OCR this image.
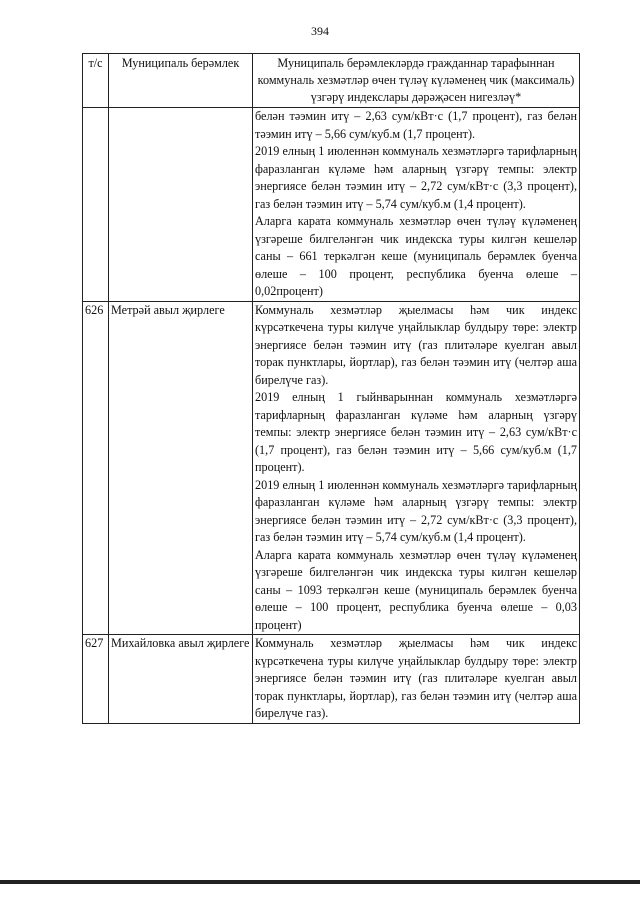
394
т/с	Муниципаль берәмлек	Муниципаль берәмлекләрдә гражданнар тарафыннан коммуналь хезмәтләр өчен түләү күләменең чик (максималь) үзгәрү индекслары дәрәҗәсен нигезләү*

		белән тәэмин итү – 2,63 сум/кВт·с (1,7 процент), газ белән тәэмин итү – 5,66 сум/куб.м (1,7 процент).

2019 елның 1 июленнән коммуналь хезмәтләргә тарифларның фаразланган күләме һәм аларның үзгәрү темпы: электр энергиясе белән тәэмин итү – 2,72 сум/кВт·с (3,3 процент), газ белән тәэмин итү – 5,74 сум/куб.м (1,4 процент).

Аларга карата коммуналь хезмәтләр өчен түләү күләменең үзгәреше билгеләнгән чик индекска туры килгән кешеләр саны – 661 теркәлгән кеше (муниципаль берәмлек буенча өлеше – 100 процент, республика буенча өлеше – 0,02процент)

626	Метрәй авыл җирлеге	Коммуналь хезмәтләр җыелмасы һәм чик индекс күрсәткечена туры килүче уңайлыклар булдыру төре: электр энергиясе белән тәэмин итү (газ плитәләре куелган авыл торак пунктлары, йортлар), газ белән тәэмин итү (челтәр аша бирелүче газ).

2019 елның 1 гыйнварыннан коммуналь хезмәтләргә тарифларның фаразланган күләме һәм аларның үзгәрү темпы: электр энергиясе белән тәэмин итү – 2,63 сум/кВт·с (1,7 процент), газ белән тәэмин итү – 5,66 сум/куб.м (1,7 процент).

2019 елның 1 июленнән коммуналь хезмәтләргә тарифларның фаразланган күләме һәм аларның үзгәрү темпы: электр энергиясе белән тәэмин итү – 2,72 сум/кВт·с (3,3 процент), газ белән тәэмин итү – 5,74 сум/куб.м (1,4 процент).

Аларга карата коммуналь хезмәтләр өчен түләү күләменең үзгәреше билгеләнгән чик индекска туры килгән кешеләр саны – 1093 теркәлгән кеше (муниципаль берәмлек буенча өлеше – 100 процент, республика буенча өлеше – 0,03 процент)

627	Михайловка авыл җирлеге	Коммуналь хезмәтләр җыелмасы һәм чик индекс күрсәткечена туры килүче уңайлыклар булдыру төре: электр энергиясе белән тәэмин итү (газ плитәләре куелган авыл торак пунктлары, йортлар), газ белән тәэмин итү (челтәр аша бирелүче газ).
